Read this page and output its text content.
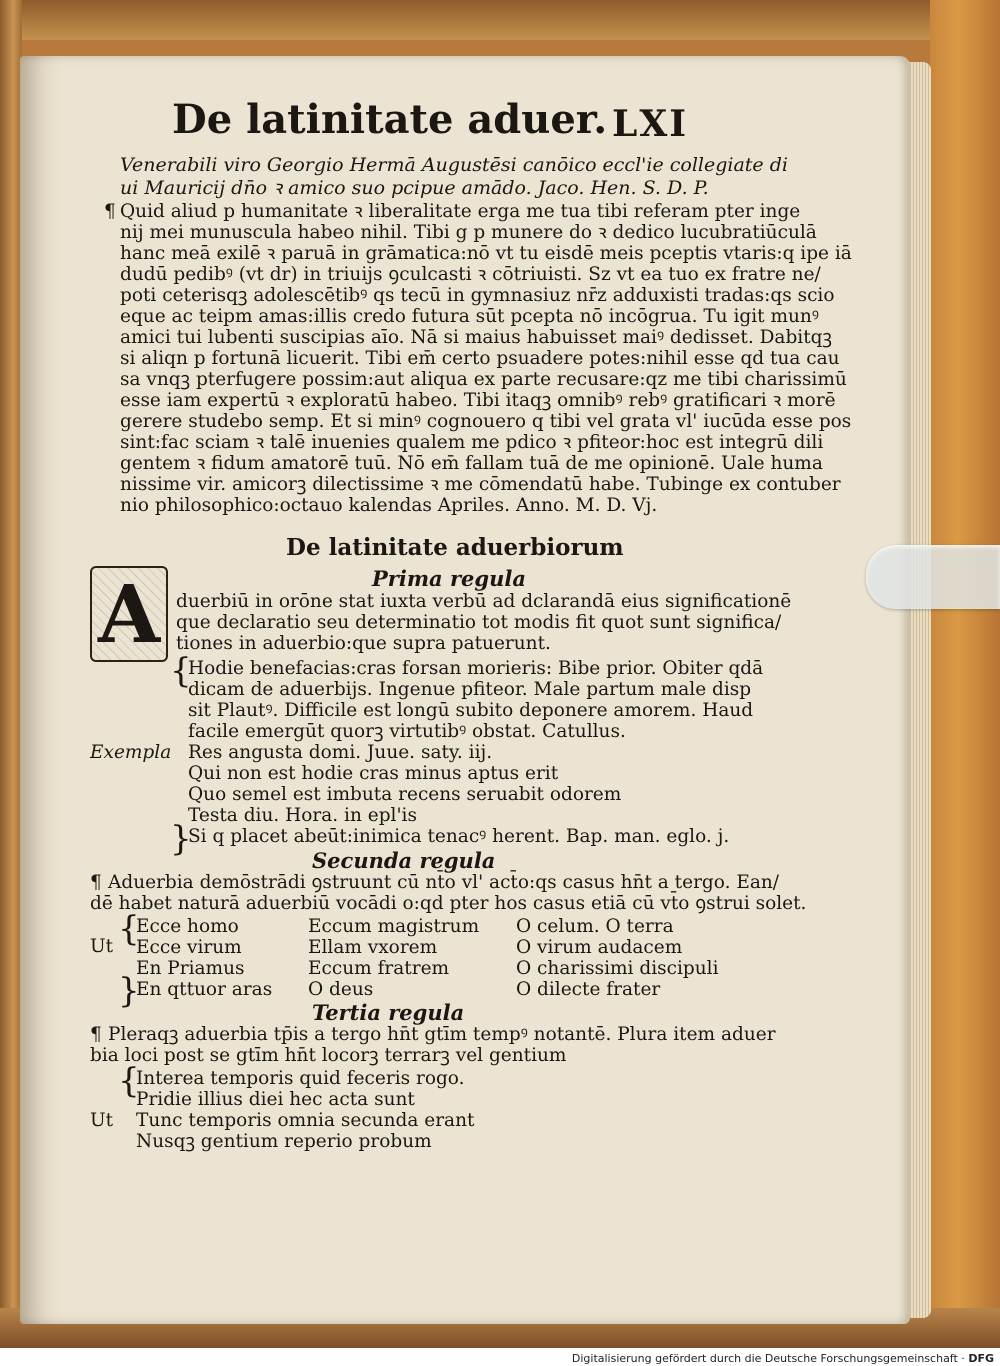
De latinitate aduer. LXI
Venerabili viro Georgio Hermā Augustēsi canōico eccl'ie collegiate di
ui Mauricij dn̄o ꝛ amico suo pcipue amādo. Jaco. Hen. S. D. P.
¶ Quid aliud p humanitate ꝛ liberalitate erga me tua tibi referam pter inge
nij mei munuscula habeo nihil. Tibi g p munere do ꝛ dedico lucubratiūculā
hanc meā exilē ꝛ paruā in grāmatica:nō vt tu eisdē meis pceptis vtaris:q ipe iā
dudū pedibꝰ (vt dr) in triuijs ꝯculcasti ꝛ cōtriuisti. Sz vt ea tuo ex fratre ne/
poti ceterisqꝫ adolescētibꝰ qs tecū in gymnasiuz nr̄z adduxisti tradas:qs scio
eque ac teipm amas:illis credo futura sūt pcepta nō incōgrua. Tu igit munꝰ
amici tui lubenti suscipias aīo. Nā si maius habuisset maiꝰ dedisset. Dabitqꝫ
si aliqn p fortunā licuerit. Tibi em̄ certo psuadere potes:nihil esse qd tua cau
sa vnqꝫ pterfugere possim:aut aliqua ex parte recusare:qz me tibi charissimū
esse iam expertū ꝛ exploratū habeo. Tibi itaqꝫ omnibꝰ rebꝰ gratificari ꝛ morē
gerere studebo semp. Et si minꝰ cognouero q tibi vel grata vl' iucūda esse pos
sint:fac sciam ꝛ talē inuenies qualem me pdico ꝛ pfiteor:hoc est integrū dili
gentem ꝛ fidum amatorē tuū. Nō em̄ fallam tuā de me opinionē. Uale huma
nissime vir. amicorꝫ dilectissime ꝛ me cōmendatū habe. Tubinge ex contuber
nio philosophico:octauo kalendas Apriles. Anno. M. D. Vj.
De latinitate aduerbiorum
Prima regula
A duerbiū in orōne stat iuxta verbū ad dclarandā eius significationē
que declaratio seu determinatio tot modis fit quot sunt significa/
tiones in aduerbio:que supra patuerunt.
{
Hodie benefacias:cras forsan morieris: Bibe prior. Obiter qdā
dicam de aduerbijs. Ingenue pfiteor. Male partum male disp
sit Plautꝰ. Difficile est longū subito deponere amorem. Haud
facile emergūt quorꝫ virtutibꝰ obstat. Catullus.
Exempla Res angusta domi. Juue. saty. iij.
Qui non est hodie cras minus aptus erit
Quo semel est imbuta recens seruabit odorem
Testa diu. Hora. in epl'is
}
Si q placet abeūt:inimica tenacꝰ herent. Bap. man. eglo. j.
Secunda regula
¶ Aduerbia demōstrādi ꝯstruunt cū nt̄o vl' act̄o:qs casus hn̄t a tergo. Ean/
dē habet naturā aduerbiū vocādi o:qd pter hos casus etiā cū vt̄o ꝯstrui solet.
{
Ut
Ecce homo
Ecce virum
En Priamus
}
En qttuor aras
Eccum magistrum
Ellam vxorem
Eccum fratrem
O deus
O celum. O terra
O virum audacem
O charissimi discipuli
O dilecte frater
Tertia regula
¶ Pleraqꝫ aduerbia tp̄is a tergo hn̄t gtīm tempꝰ notantē. Plura item aduer
bia loci post se gtīm hn̄t locorꝫ terrarꝫ vel gentium
{
Interea temporis quid feceris rogo.
Pridie illius diei hec acta sunt
Ut Tunc temporis omnia secunda erant
Nusqꝫ gentium reperio probum
Digitalisierung gefördert durch die Deutsche Forschungsgemeinschaft · DFG
